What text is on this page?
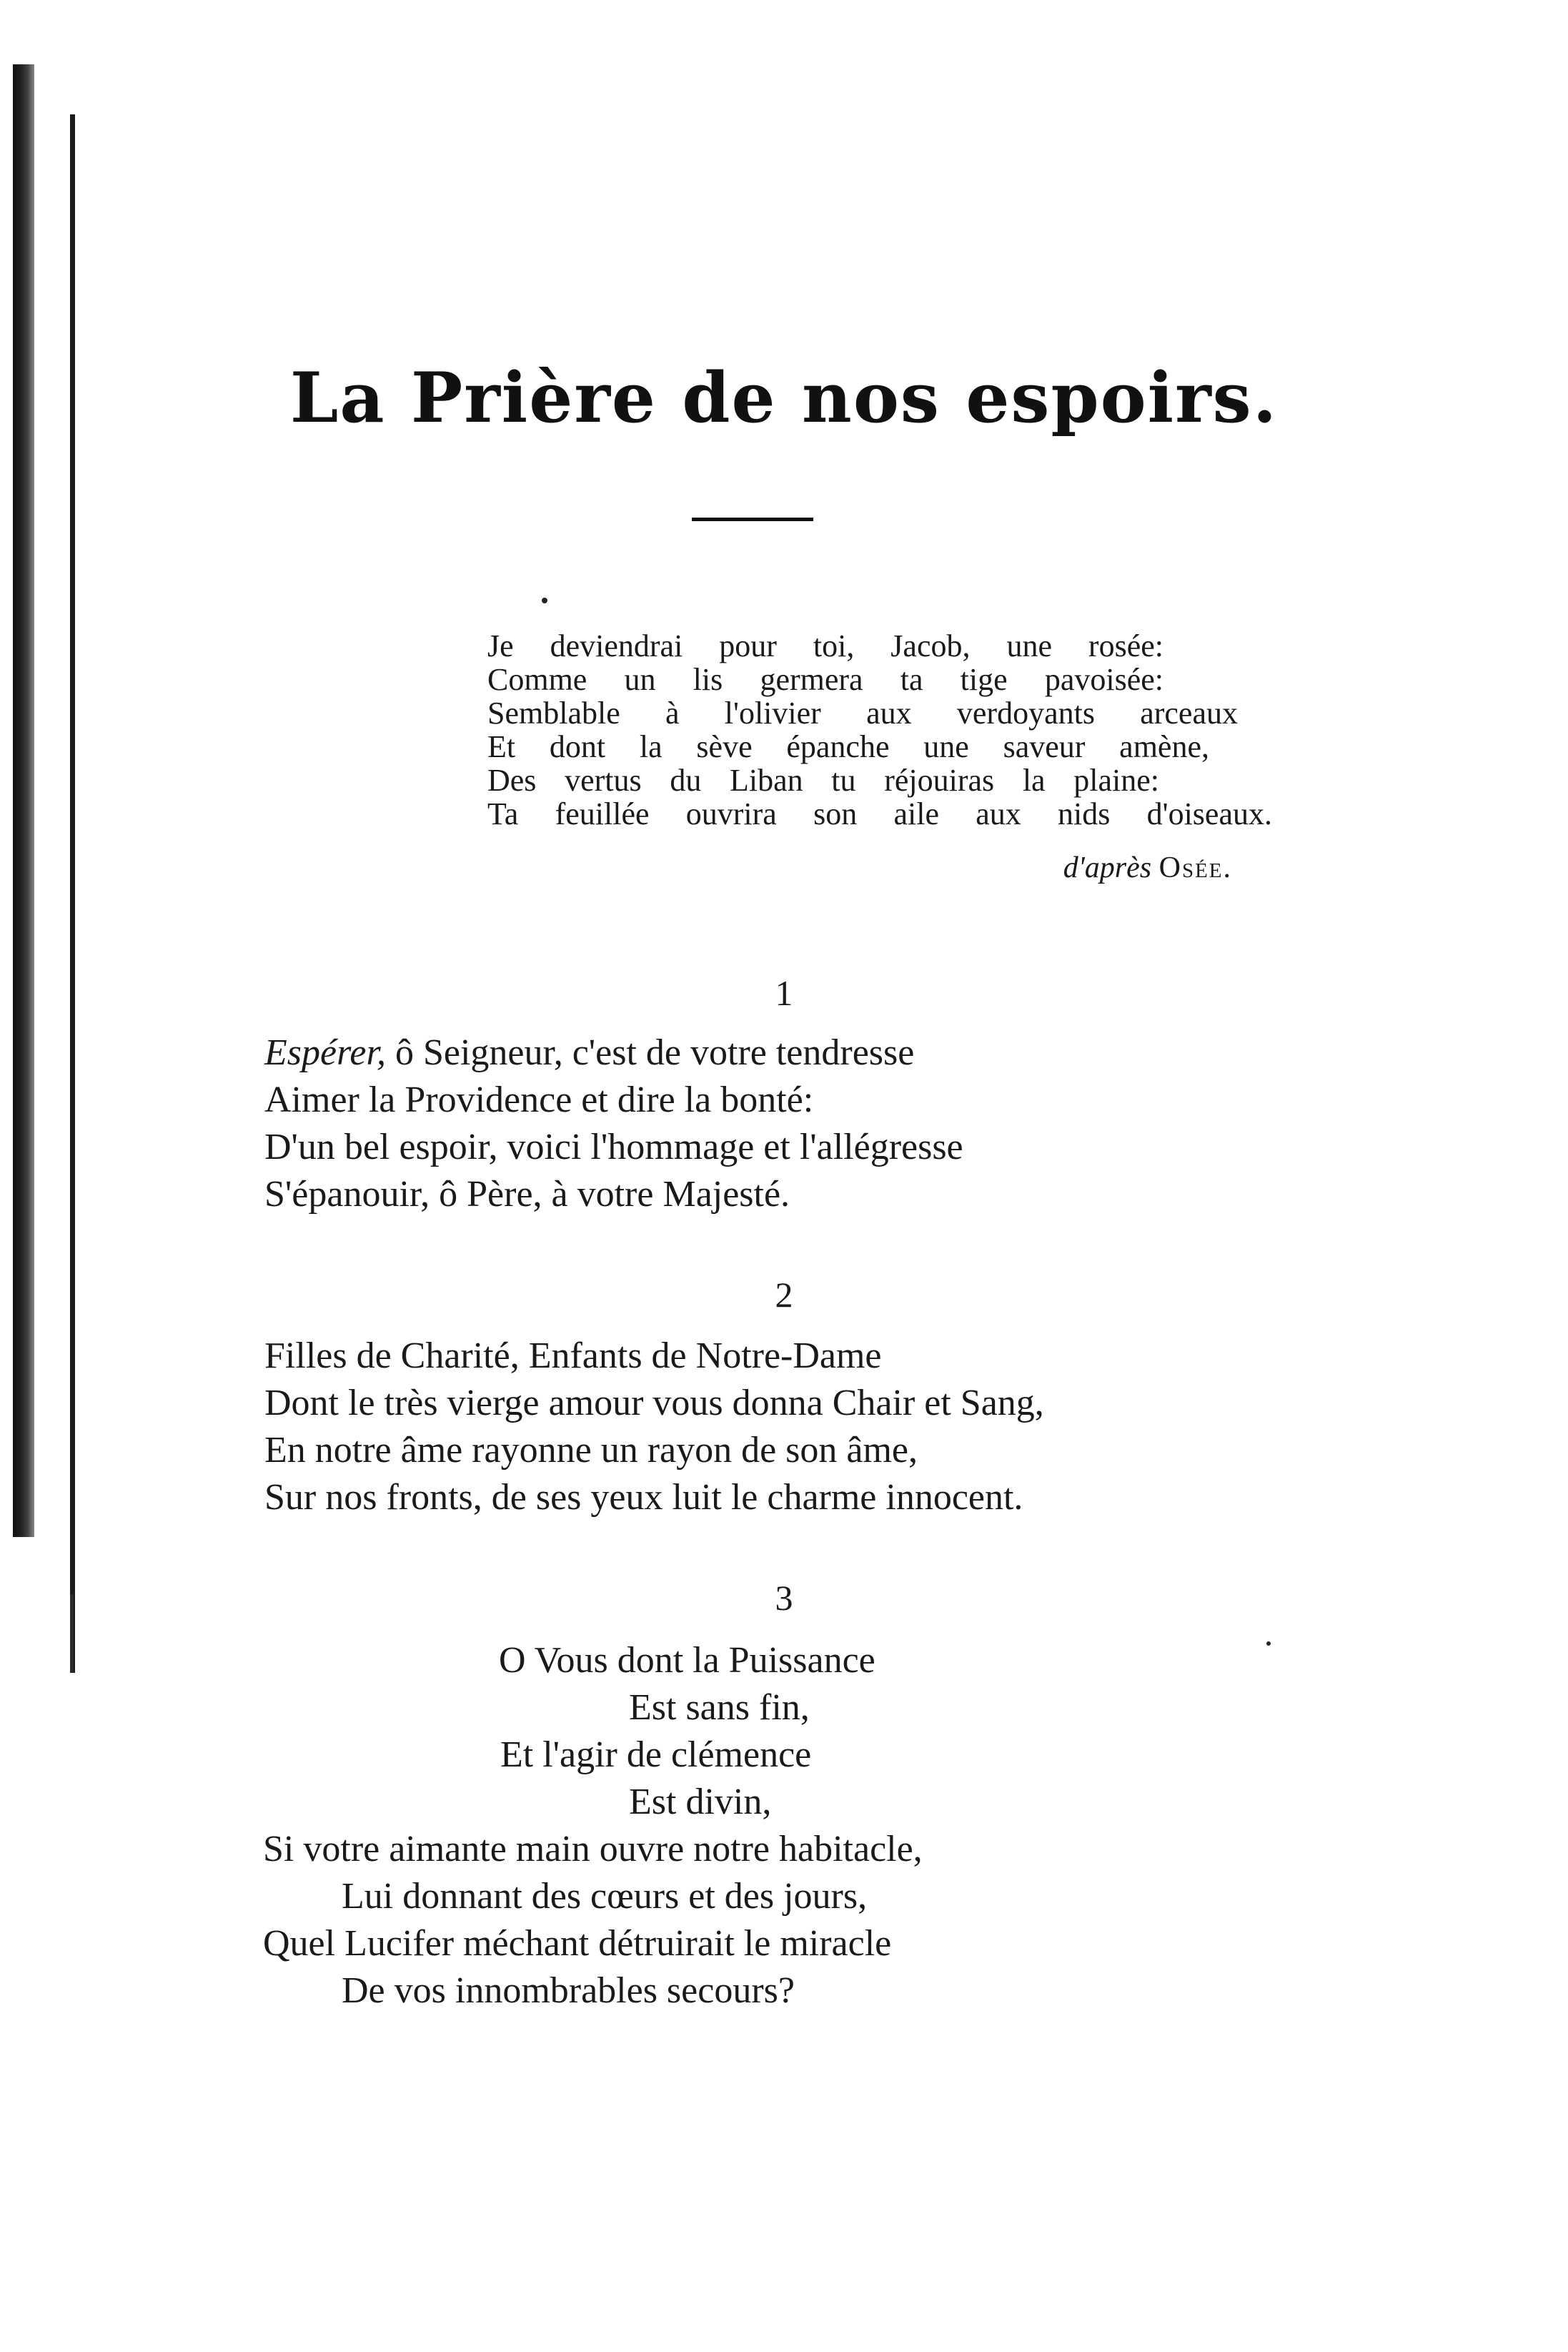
La Prière de nos espoirs.
Je deviendrai pour toi, Jacob, une rosée:
Comme un lis germera ta tige pavoisée:
Semblable à l'olivier aux verdoyants arceaux
Et dont la sève épanche une saveur amène,
Des vertus du Liban tu réjouiras la plaine:
Ta feuillée ouvrira son aile aux nids d'oiseaux.
d'après Osée.
1
Espérer, ô Seigneur, c'est de votre tendresse
Aimer la Providence et dire la bonté:
D'un bel espoir, voici l'hommage et l'allégresse
S'épanouir, ô Père, à votre Majesté.
2
Filles de Charité, Enfants de Notre-Dame
Dont le très vierge amour vous donna Chair et Sang,
En notre âme rayonne un rayon de son âme,
Sur nos fronts, de ses yeux luit le charme innocent.
3
O Vous dont la Puissance
Est sans fin,
Et l'agir de clémence
Est divin,
Si votre aimante main ouvre notre habitacle,
Lui donnant des cœurs et des jours,
Quel Lucifer méchant détruirait le miracle
De vos innombrables secours?
